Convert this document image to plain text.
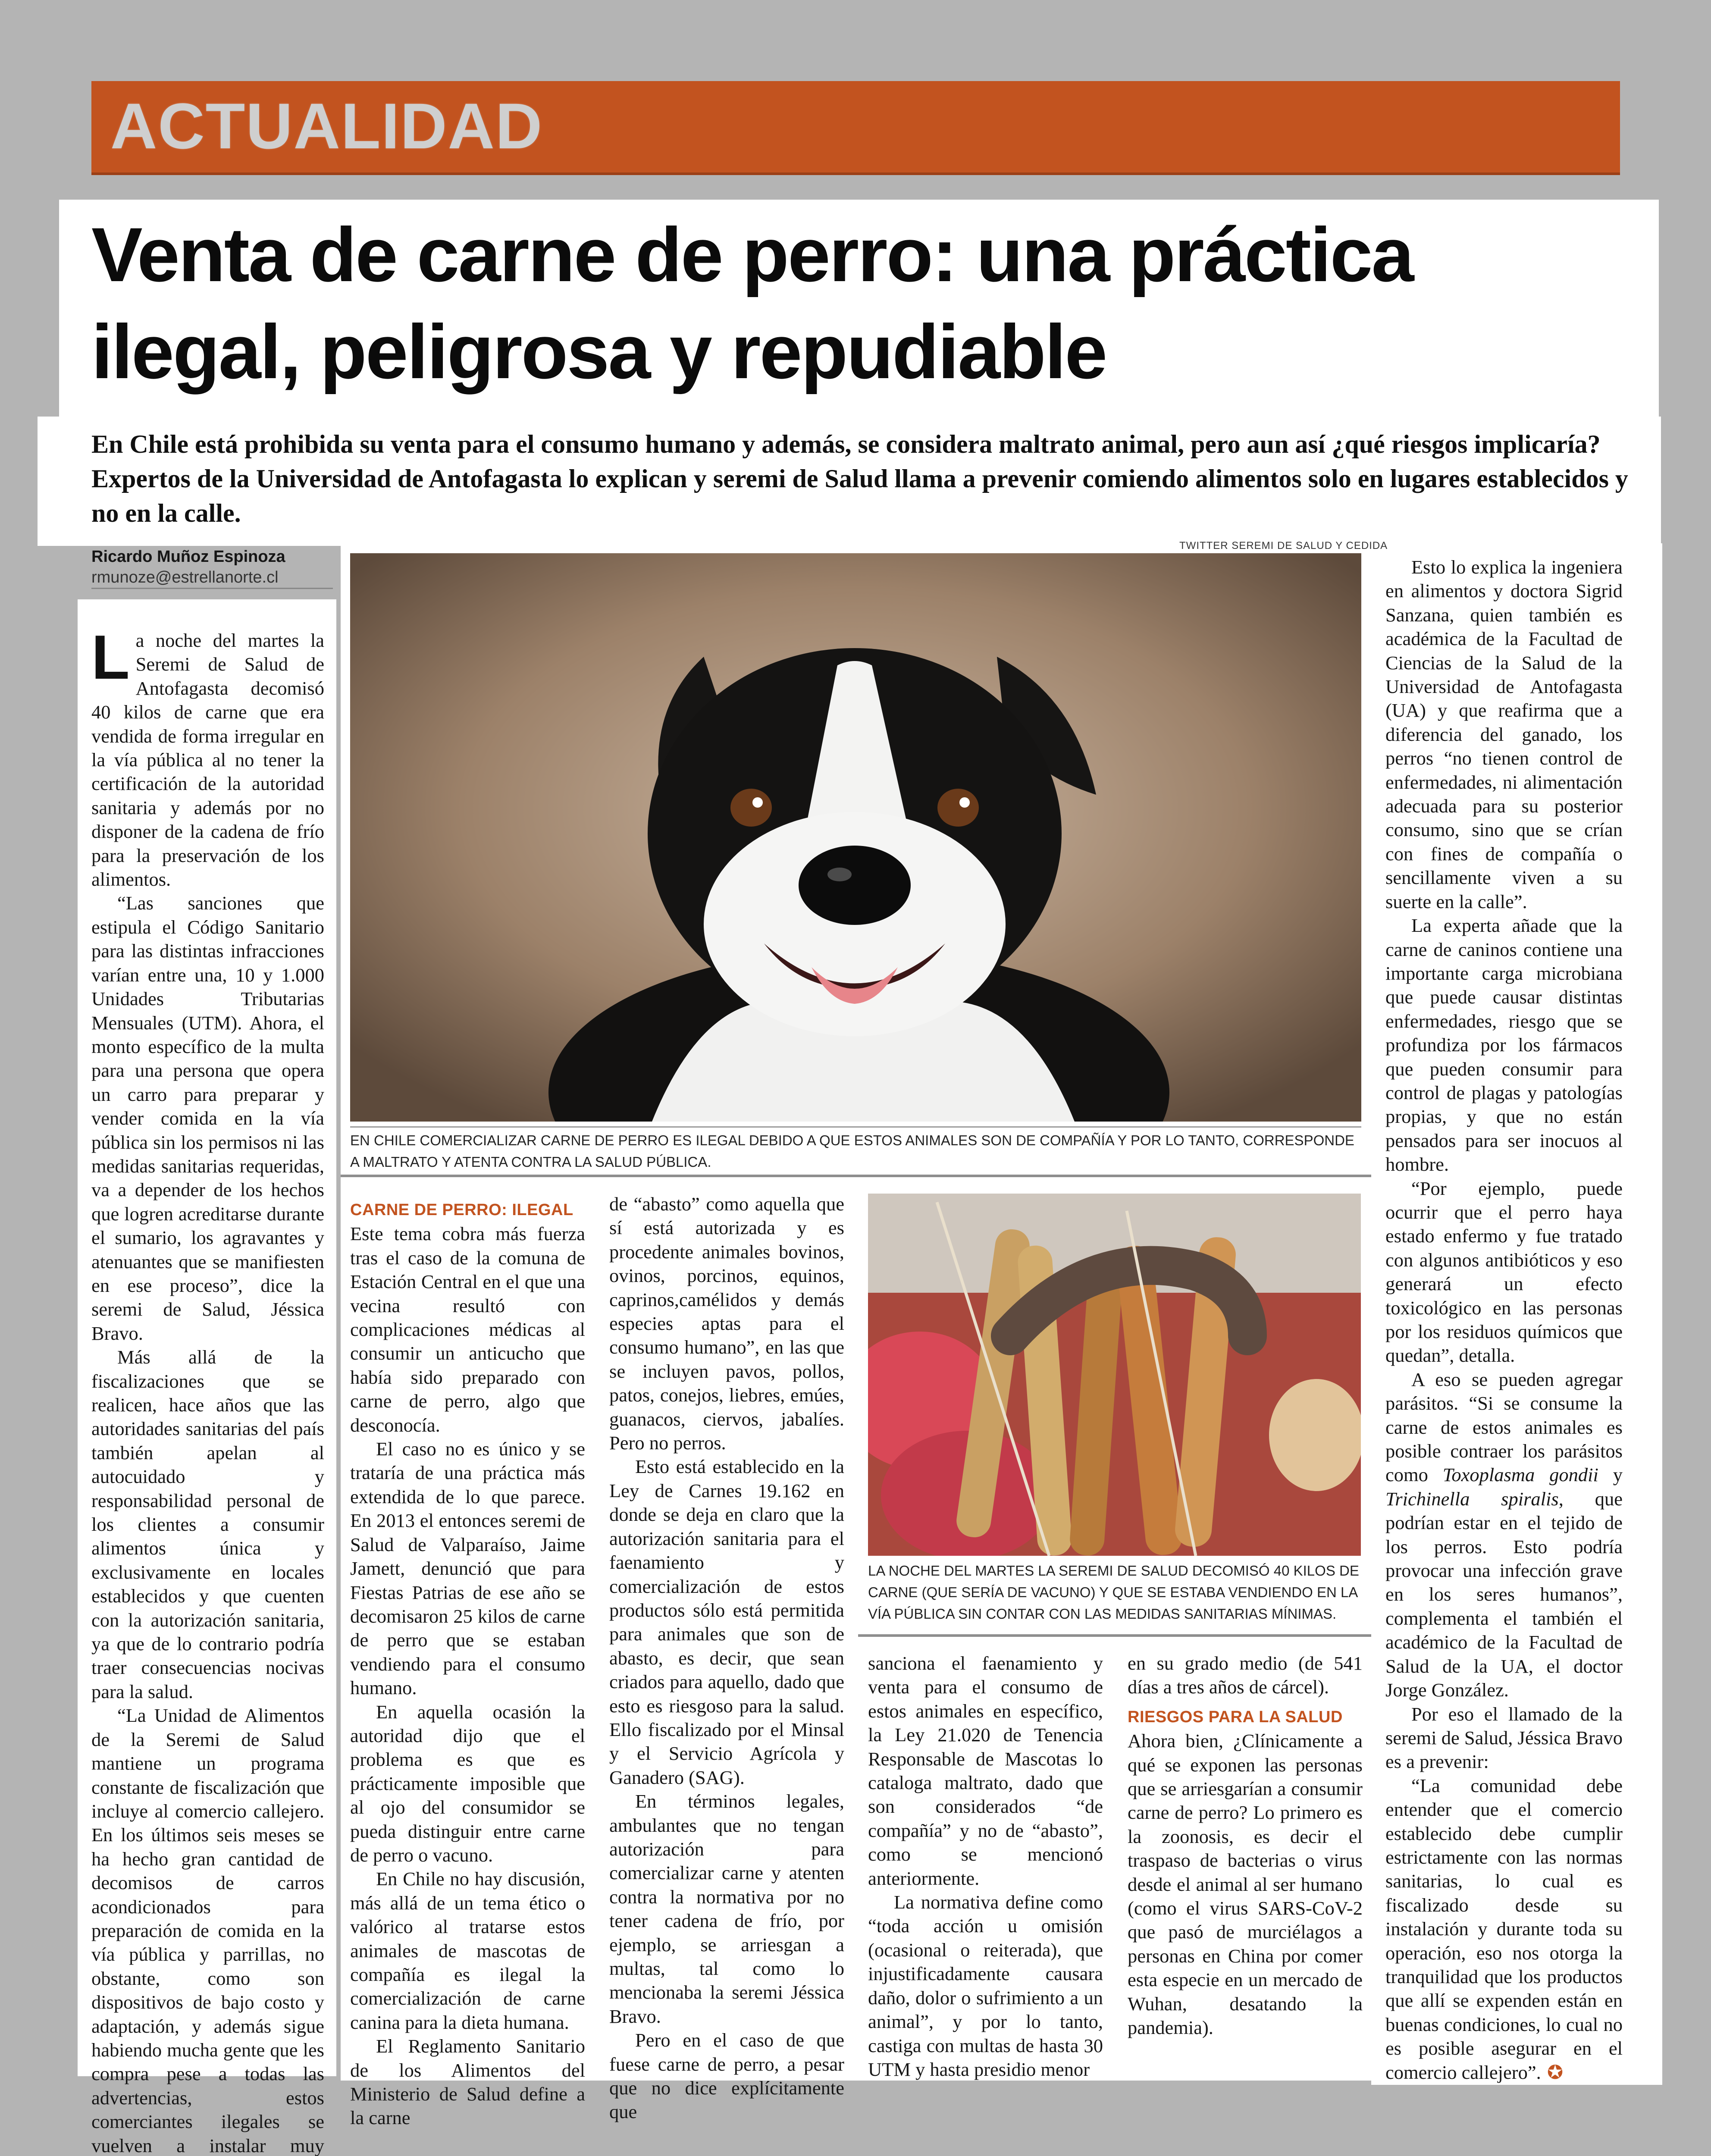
ACTUALIDAD
Venta de carne de perro: una práctica ilegal, peligrosa y repudiable

En Chile está prohibida su venta para el consumo humano y además, se considera maltrato animal, pero aun así ¿qué riesgos implicaría? Expertos de la Universidad de Antofagasta lo explican y seremi de Salud llama a prevenir comiendo alimentos solo en lugares establecidos y no en la calle.

Ricardo Muñoz Espinoza
rmunoze@estrellanorte.cl
TWITTER SEREMI DE SALUD Y CEDIDA

EN CHILE COMERCIALIZAR CARNE DE PERRO ES ILEGAL DEBIDO A QUE ESTOS ANIMALES SON DE COMPAÑÍA Y POR LO TANTO, CORRESPONDE A MALTRATO Y ATENTA CONTRA LA SALUD PÚBLICA.

LA NOCHE DEL MARTES LA SEREMI DE SALUD DECOMISÓ 40 KILOS DE CARNE (QUE SERÍA DE VACUNO) Y QUE SE ESTABA VENDIENDO EN LA VÍA PÚBLICA SIN CONTAR CON LAS MEDIDAS SANITARIAS MÍNIMAS.

La noche del martes la Seremi de Salud de Antofagasta decomisó 40 kilos de carne que era vendida de forma irregular en la vía pública al no tener la certificación de la autoridad sanitaria y además por no disponer de la cadena de frío para la preservación de los alimentos.

“Las sanciones que estipula el Código Sanitario para las distintas infracciones varían entre una, 10 y 1.000 Unidades Tributarias Mensuales (UTM). Ahora, el monto específico de la multa para una persona que opera un carro para preparar y vender comida en la vía pública sin los permisos ni las medidas sanitarias requeridas, va a depender de los hechos que logren acreditarse durante el sumario, los agravantes y atenuantes que se manifiesten en ese proceso”, dice la seremi de Salud, Jéssica Bravo.

Más allá de la fiscalizaciones que se realicen, hace años que las autoridades sanitarias del país también apelan al autocuidado y responsabilidad personal de los clientes a consumir alimentos única y exclusivamente en locales establecidos y que cuenten con la autorización sanitaria, ya que de lo contrario podría traer consecuencias nocivas para la salud.

“La Unidad de Alimentos de la Seremi de Salud mantiene un programa constante de fiscalización que incluye al comercio callejero. En los últimos seis meses se ha hecho gran cantidad de decomisos de carros acondicionados para preparación de comida en la vía pública y parrillas, no obstante, como son dispositivos de bajo costo y adaptación, y además sigue habiendo mucha gente que les compra pese a todas las advertencias, estos comerciantes ilegales se vuelven a instalar muy

CARNE DE PERRO: ILEGAL

Este tema cobra más fuerza tras el caso de la comuna de Estación Central en el que una vecina resultó con complicaciones médicas al consumir un anticucho que había sido preparado con carne de perro, algo que desconocía.

El caso no es único y se trataría de una práctica más extendida de lo que parece. En 2013 el entonces seremi de Salud de Valparaíso, Jaime Jamett, denunció que para Fiestas Patrias de ese año se decomisaron 25 kilos de carne de perro que se estaban vendiendo para el consumo humano.

En aquella ocasión la autoridad dijo que el problema es que es prácticamente imposible que al ojo del consumidor se pueda distinguir entre carne de perro o vacuno.

En Chile no hay discusión, más allá de un tema ético o valórico al tratarse estos animales de mascotas de compañía es ilegal la comercialización de carne canina para la dieta humana.

El Reglamento Sanitario de los Alimentos del Ministerio de Salud define a la carne

de “abasto” como aquella que sí está autorizada y es procedente animales bovinos, ovinos, porcinos, equinos, caprinos,camélidos y demás especies aptas para el consumo humano”, en las que se incluyen pavos, pollos, patos, conejos, liebres, emúes, guanacos, ciervos, jabalíes. Pero no perros.

Esto está establecido en la Ley de Carnes 19.162 en donde se deja en claro que la autorización sanitaria para el faenamiento y comercialización de estos productos sólo está permitida para animales que son de abasto, es decir, que sean criados para aquello, dado que esto es riesgoso para la salud. Ello fiscalizado por el Minsal y el Servicio Agrícola y Ganadero (SAG).

En términos legales, ambulantes que no tengan autorización para comercializar carne y atenten contra la normativa por no tener cadena de frío, por ejemplo, se arriesgan a multas, tal como lo mencionaba la seremi Jéssica Bravo.

Pero en el caso de que fuese carne de perro, a pesar que no dice explícitamente que

sanciona el faenamiento y venta para el consumo de estos animales en específico, la Ley 21.020 de Tenencia Responsable de Mascotas lo cataloga maltrato, dado que son considerados “de compañía” y no de “abasto”, como se mencionó anteriormente.

La normativa define como “toda acción u omisión (ocasional o reiterada), que injustificadamente causara daño, dolor o sufrimiento a un animal”, y por lo tanto, castiga con multas de hasta 30 UTM y hasta presidio menor

en su grado medio (de 541 días a tres años de cárcel).

RIESGOS PARA LA SALUD

Ahora bien, ¿Clínicamente a qué se exponen las personas que se arriesgarían a consumir carne de perro? Lo primero es la zoonosis, es decir el traspaso de bacterias o virus desde el animal al ser humano (como el virus SARS-CoV-2 que pasó de murciélagos a personas en China por comer esta especie en un mercado de Wuhan, desatando la pandemia).

Esto lo explica la ingeniera en alimentos y doctora Sigrid Sanzana, quien también es académica de la Facultad de Ciencias de la Salud de la Universidad de Antofagasta (UA) y que reafirma que a diferencia del ganado, los perros “no tienen control de enfermedades, ni alimentación adecuada para su posterior consumo, sino que se crían con fines de compañía o sencillamente viven a su suerte en la calle”.

La experta añade que la carne de caninos contiene una importante carga microbiana que puede causar distintas enfermedades, riesgo que se profundiza por los fármacos que pueden consumir para control de plagas y patologías propias, y que no están pensados para ser inocuos al hombre.

“Por ejemplo, puede ocurrir que el perro haya estado enfermo y fue tratado con algunos antibióticos y eso generará un efecto toxicológico en las personas por los residuos químicos que quedan”, detalla.

A eso se pueden agregar parásitos. “Si se consume la carne de estos animales es posible contraer los parásitos como Toxoplasma gondii y Trichinella spiralis, que podrían estar en el tejido de los perros. Esto podría provocar una infección grave en los seres humanos”, complementa el también el académico de la Facultad de Salud de la UA, el doctor Jorge González.

Por eso el llamado de la seremi de Salud, Jéssica Bravo es a prevenir:

“La comunidad debe entender que el comercio establecido debe cumplir estrictamente con las normas sanitarias, lo cual es fiscalizado desde su instalación y durante toda su operación, eso nos otorga la tranquilidad que los productos que allí se expenden están en buenas condiciones, lo cual no es posible asegurar en el comercio callejero”. ✪
